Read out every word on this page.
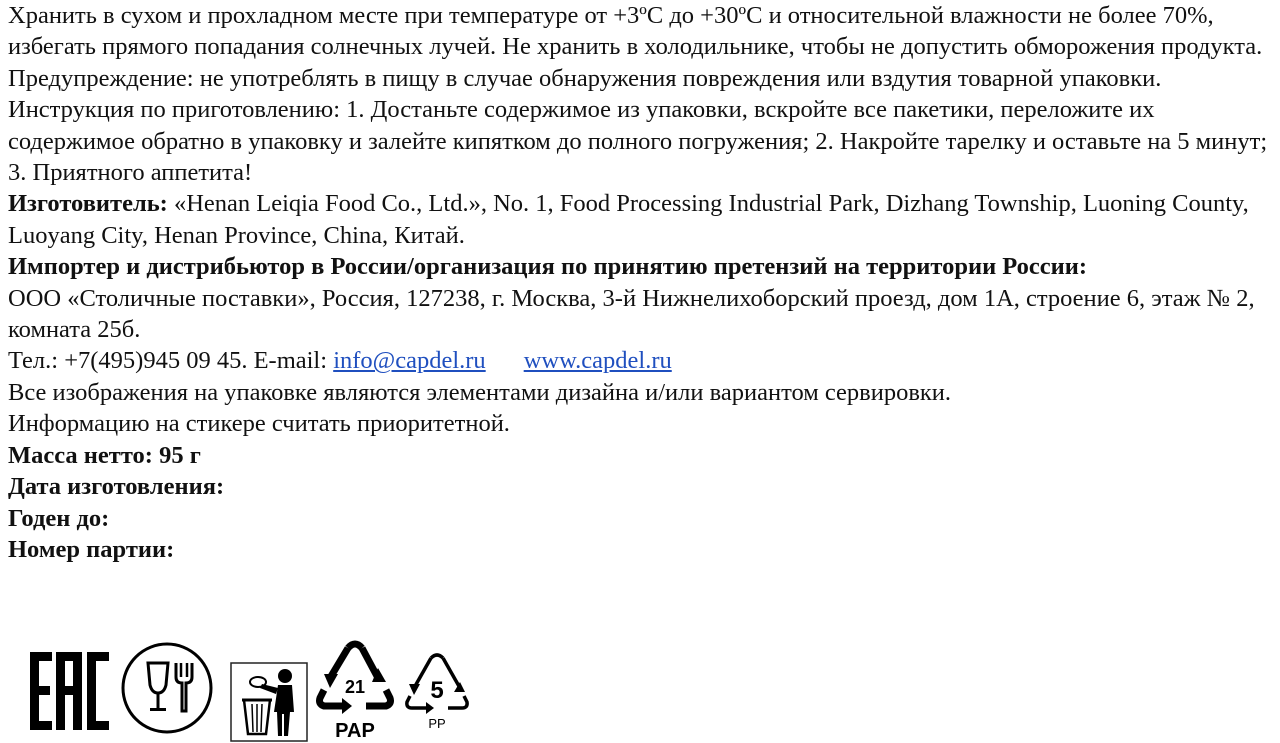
Хранить в сухом и прохладном месте при температуре от +3ºС до +30ºС и относительной влажности не более 70%, избегать прямого попадания солнечных лучей. Не хранить в холодильнике, чтобы не допустить обморожения продукта.

Предупреждение: не употреблять в пищу в случае обнаружения повреждения или вздутия товарной упаковки.

Инструкция по приготовлению: 1. Достаньте содержимое из упаковки, вскройте все пакетики, переложите их содержимое обратно в упаковку и залейте кипятком до полного погружения; 2. Накройте тарелку и оставьте на 5 минут; 3. Приятного аппетита!

Изготовитель: «Henan Leiqia Food Co., Ltd.», No. 1, Food Processing Industrial Park, Dizhang Township, Luoning County, Luoyang City, Henan Province, China, Китай.

Импортер и дистрибьютор в России/организация по принятию претензий на территории России:

ООО «Столичные поставки», Россия, 127238, г. Москва, 3-й Нижнелихоборский проезд, дом 1А, строение 6, этаж № 2, комната 25б.

Тел.: +7(495)945 09 45. E-mail: info@capdel.ru www.capdel.ru

Все изображения на упаковке являются элементами дизайна и/или вариантом сервировки.

Информацию на стикере считать приоритетной.

Масса нетто: 95 г

Дата изготовления:

Годен до:

Номер партии:

21
PAP
5
PP
